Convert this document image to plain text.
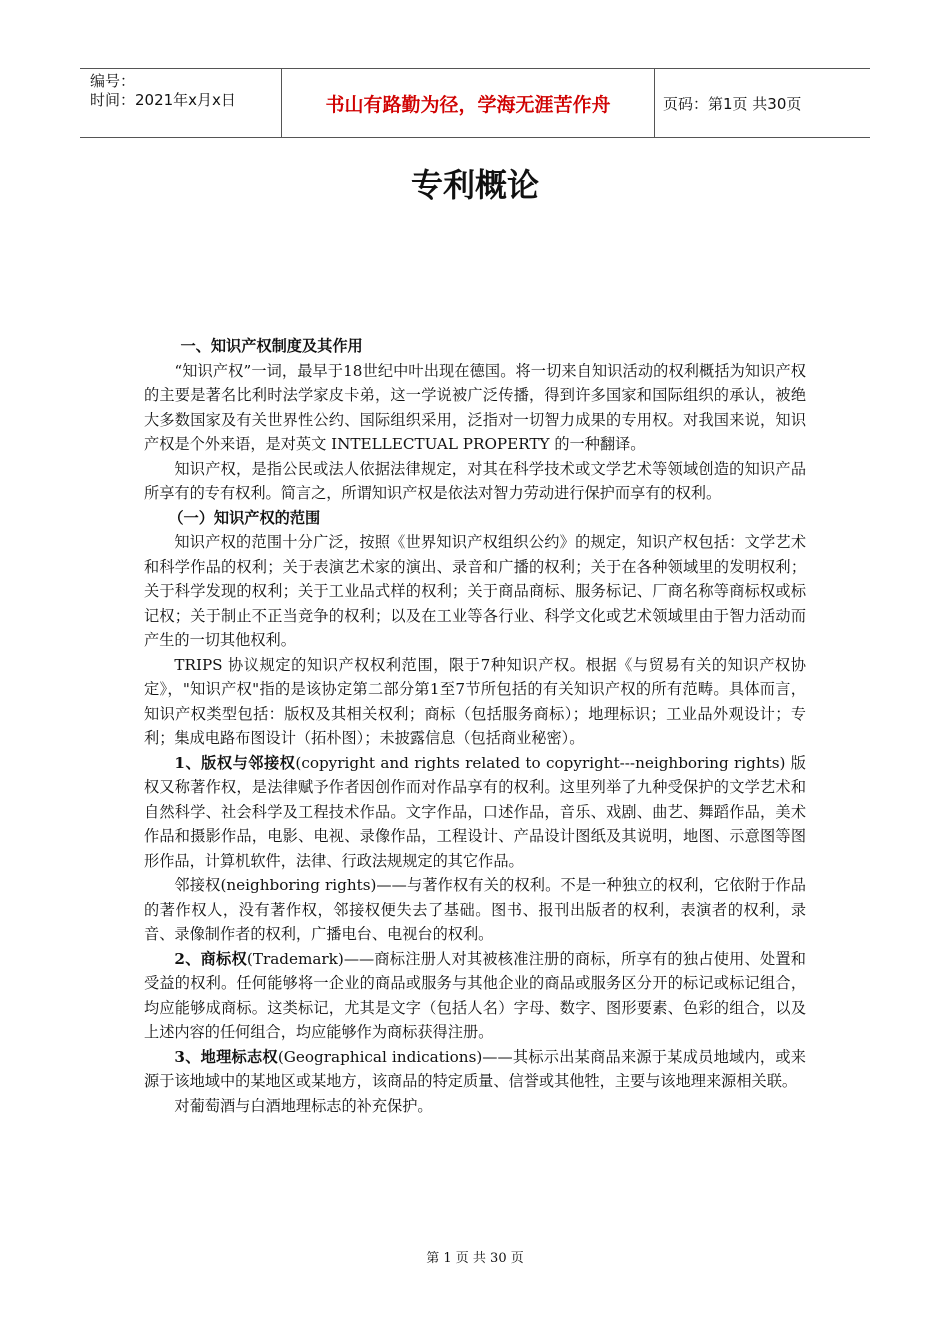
编号：
时间：2021年x月x日	书山有路勤为径，学海无涯苦作舟	页码：第1页 共30页
专利概论

一、知识产权制度及其作用

“知识产权”一词，最早于18世纪中叶出现在德国。将一切来自知识活动的权利概括为知识产权的主要是著名比利时法学家皮卡弟，这一学说被广泛传播，得到许多国家和国际组织的承认，被绝大多数国家及有关世界性公约、国际组织采用，泛指对一切智力成果的专用权。对我国来说，知识产权是个外来语，是对英文 INTELLECTUAL PROPERTY 的一种翻译。

知识产权，是指公民或法人依据法律规定，对其在科学技术或文学艺术等领域创造的知识产品所享有的专有权利。简言之，所谓知识产权是依法对智力劳动进行保护而享有的权利。

（一）知识产权的范围

知识产权的范围十分广泛，按照《世界知识产权组织公约》的规定，知识产权包括：文学艺术和科学作品的权利；关于表演艺术家的演出、录音和广播的权利；关于在各种领域里的发明权利；关于科学发现的权利；关于工业品式样的权利；关于商品商标、服务标记、厂商名称等商标权或标记权；关于制止不正当竞争的权利；以及在工业等各行业、科学文化或艺术领域里由于智力活动而产生的一切其他权利。

TRIPS 协议规定的知识产权权利范围，限于7种知识产权。根据《与贸易有关的知识产权协定》，"知识产权"指的是该协定第二部分第1至7节所包括的有关知识产权的所有范畴。具体而言，知识产权类型包括：版权及其相关权利；商标（包括服务商标）；地理标识；工业品外观设计；专利；集成电路布图设计（拓朴图）；未披露信息（包括商业秘密）。

1、版权与邻接权(copyright and rights related to copyright---neighboring rights) 版权又称著作权，是法律赋予作者因创作而对作品享有的权利。这里列举了九种受保护的文学艺术和自然科学、社会科学及工程技术作品。文字作品，口述作品，音乐、戏剧、曲艺、舞蹈作品，美术作品和摄影作品，电影、电视、录像作品，工程设计、产品设计图纸及其说明，地图、示意图等图形作品，计算机软件，法律、行政法规规定的其它作品。

邻接权(neighboring rights)——与著作权有关的权利。不是一种独立的权利，它依附于作品的著作权人，没有著作权，邻接权便失去了基础。图书、报刊出版者的权利，表演者的权利，录音、录像制作者的权利，广播电台、电视台的权利。

2、商标权(Trademark)——商标注册人对其被核准注册的商标，所享有的独占使用、处置和受益的权利。任何能够将一企业的商品或服务与其他企业的商品或服务区分开的标记或标记组合，均应能够成商标。这类标记，尤其是文字（包括人名）字母、数字、图形要素、色彩的组合，以及上述内容的任何组合，均应能够作为商标获得注册。

3、地理标志权(Geographical indications)——其标示出某商品来源于某成员地域内，或来源于该地域中的某地区或某地方，该商品的特定质量、信誉或其他牲，主要与该地理来源相关联。

对葡萄酒与白酒地理标志的补充保护。

第 1 页 共 30 页
